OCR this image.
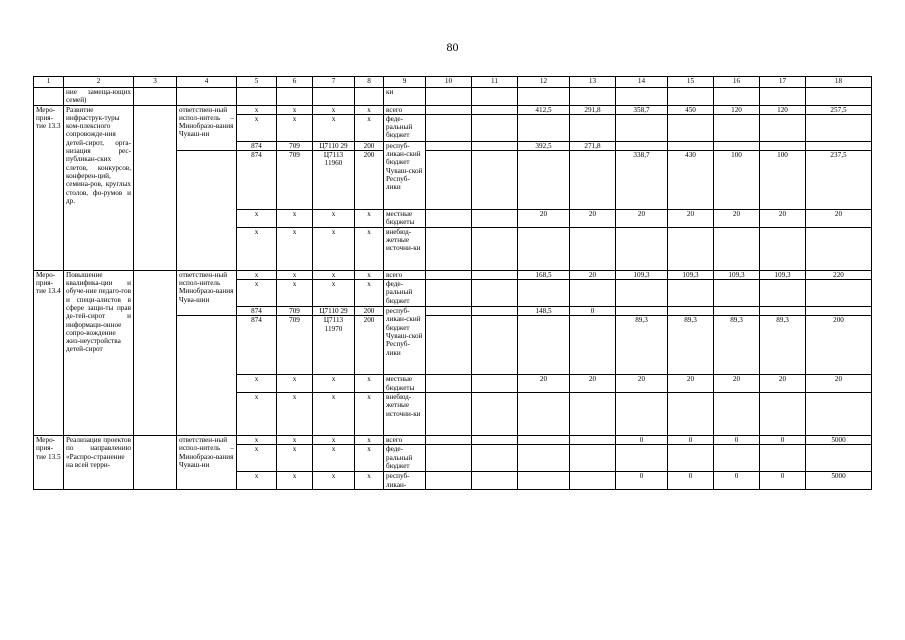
80
1	2	3	4	5	6	7	8	9	10	11	12	13	14	15	16	17	18
	ние замеща-ющих семей)							ки									
Меро-прия-тие 13.3	Развитие инфраструк-туры ком-плексного сопровожде-ния детей-сирот, орга-низация рес-публикан-ских слетов, конкурсов, конферен-ций, семина-ров, круглых столов, фо-румов и др.		ответствен-ный испол-нитель – Минобразо-вания Чуваш-ии	x	x	x	x	всего			412,5	291,8	358,7	450	120	120	257,5
				x	x	x	x	феде-ральный бюджет									
				874	709	Ц7110 29	200	респуб-ликан-ский бюджет Чуваш-ской Респуб-лики			392,5	271,8					
				874	709	Ц7113 11960	200						338,7	430	100	100	237,5
				x	x	x	x	местные бюджеты			20	20	20	20	20	20	20
				x	x	x	x	внебюд-жетные источни-ки									
Меро-прия-тие 13.4	Повышение квалифика-ции и обуче-ние педаго-гов и специ-алистов в сфере защи-ты прав де-тей-сирот и информаци-онное сопро-вождение жиз-неустройства детей-сирот		ответствен-ный испол-нитель Минобразо-вания Чува-шии	x	x	x	x	всего			168,5	20	109,3	109,3	109,3	109,3	220
				x	x	x	x	феде-ральный бюджет									
				874	709	Ц7110 29	200	респуб-ликан-ский бюджет Чуваш-ской Респуб-лики			148,5	0					
				874	709	Ц7113 11970	200						89,3	89,3	89,3	89,3	200
				x	x	x	x	местные бюджеты			20	20	20	20	20	20	20
				x	x	x	x	внебюд-жетные источни-ки									
Меро-прия-тие 13.5	Реализация проектов по направлению «Распро-странение на всей терри-		ответствен-ный испол-нитель – Минобразо-вания Чуваш-ии	x	x	x	x	всего					0	0	0	0	5000
				x	x	x	x	феде-ральный бюджет									
				x	x	x	x	респуб-ликан-					0	0	0	0	5000
